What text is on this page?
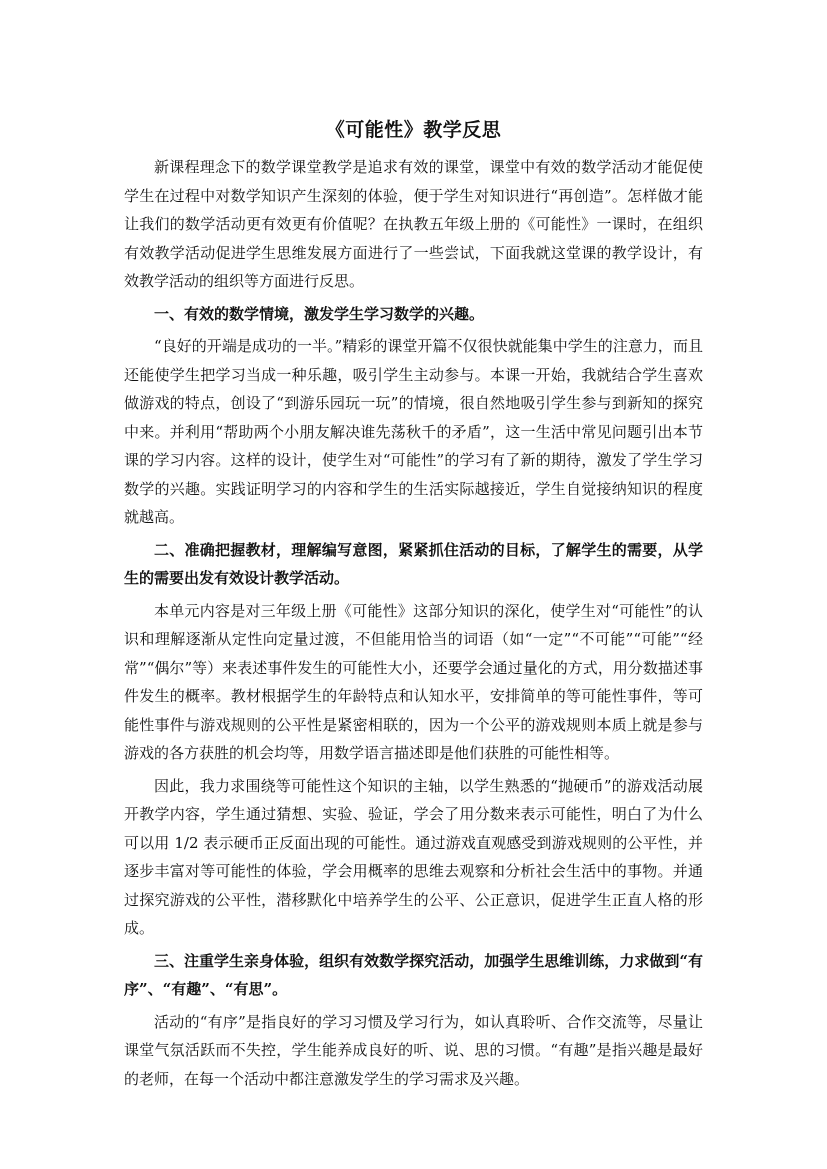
《可能性》教学反思

新课程理念下的数学课堂教学是追求有效的课堂，课堂中有效的数学活动才能促使学生在过程中对数学知识产生深刻的体验，便于学生对知识进行“再创造”。怎样做才能让我们的数学活动更有效更有价值呢？在执教五年级上册的《可能性》一课时，在组织有效教学活动促进学生思维发展方面进行了一些尝试，下面我就这堂课的教学设计，有效教学活动的组织等方面进行反思。

一、有效的数学情境，激发学生学习数学的兴趣。

“良好的开端是成功的一半。”精彩的课堂开篇不仅很快就能集中学生的注意力，而且还能使学生把学习当成一种乐趣，吸引学生主动参与。本课一开始，我就结合学生喜欢做游戏的特点，创设了“到游乐园玩一玩”的情境，很自然地吸引学生参与到新知的探究中来。并利用“帮助两个小朋友解决谁先荡秋千的矛盾”，这一生活中常见问题引出本节课的学习内容。这样的设计，使学生对“可能性”的学习有了新的期待，激发了学生学习数学的兴趣。实践证明学习的内容和学生的生活实际越接近，学生自觉接纳知识的程度就越高。

二、准确把握教材，理解编写意图，紧紧抓住活动的目标，了解学生的需要，从学生的需要出发有效设计教学活动。

本单元内容是对三年级上册《可能性》这部分知识的深化，使学生对“可能性”的认识和理解逐渐从定性向定量过渡，不但能用恰当的词语（如“一定”“不可能”“可能”“经常”“偶尔”等）来表述事件发生的可能性大小，还要学会通过量化的方式，用分数描述事件发生的概率。教材根据学生的年龄特点和认知水平，安排简单的等可能性事件，等可能性事件与游戏规则的公平性是紧密相联的，因为一个公平的游戏规则本质上就是参与游戏的各方获胜的机会均等，用数学语言描述即是他们获胜的可能性相等。

因此，我力求围绕等可能性这个知识的主轴，以学生熟悉的“抛硬币”的游戏活动展开教学内容，学生通过猜想、实验、验证，学会了用分数来表示可能性，明白了为什么可以用 1/2 表示硬币正反面出现的可能性。通过游戏直观感受到游戏规则的公平性，并逐步丰富对等可能性的体验，学会用概率的思维去观察和分析社会生活中的事物。并通过探究游戏的公平性，潜移默化中培养学生的公平、公正意识，促进学生正直人格的形成。

三、注重学生亲身体验，组织有效数学探究活动，加强学生思维训练，力求做到“有序”、“有趣”、“有思”。

活动的“有序”是指良好的学习习惯及学习行为，如认真聆听、合作交流等，尽量让课堂气氛活跃而不失控，学生能养成良好的听、说、思的习惯。“有趣”是指兴趣是最好的老师，在每一个活动中都注意激发学生的学习需求及兴趣。
